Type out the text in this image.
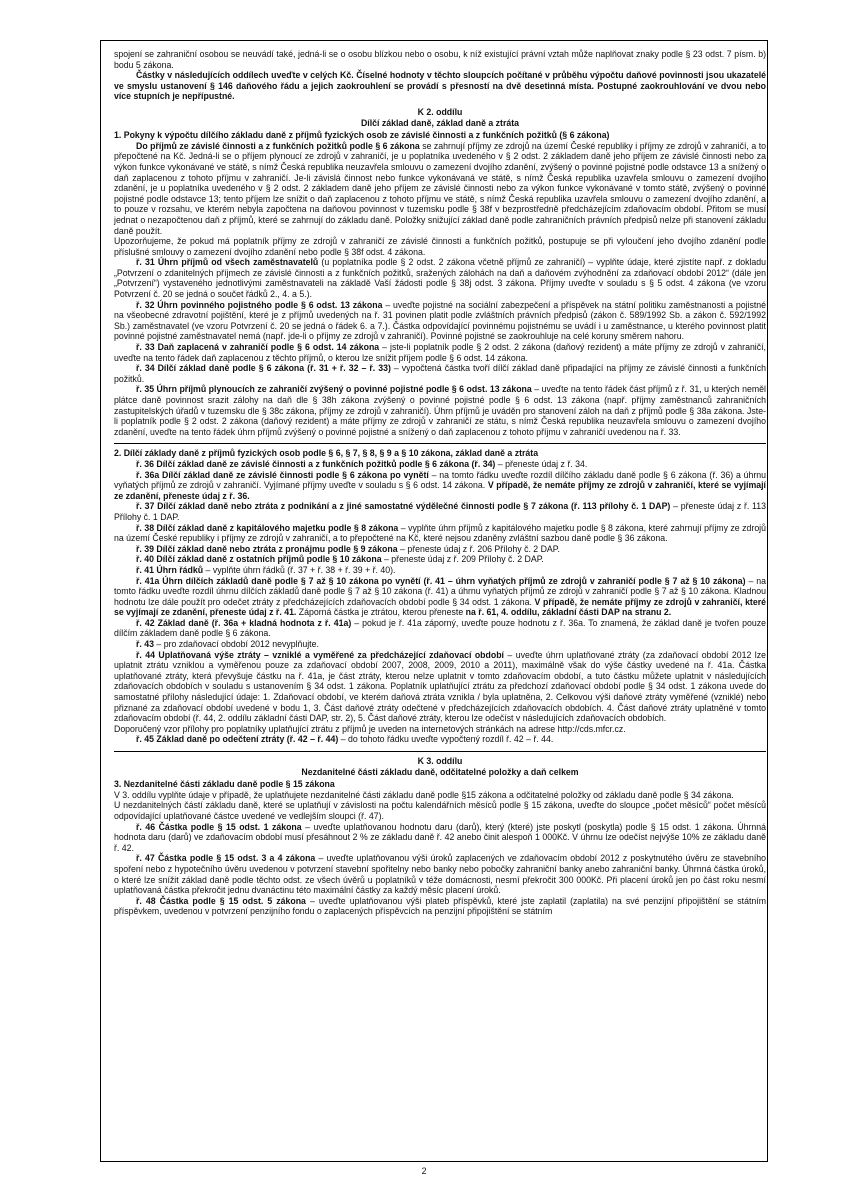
spojení se zahraniční osobou se neuvádí také, jedná-li se o osobu blízkou nebo o osobu, k níž existující právní vztah může naplňovat znaky podle § 23 odst. 7 písm. b) bodu 5 zákona.

Částky v následujících oddílech uveďte v celých Kč. Číselné hodnoty v těchto sloupcích počítané v průběhu výpočtu daňové povinnosti jsou ukazatelé ve smyslu ustanovení § 146 daňového řádu a jejich zaokrouhlení se provádí s přesností na dvě desetinná místa. Postupné zaokrouhlování ve dvou nebo více stupních je nepřípustné.

K 2. oddílu
Dílčí základ daně, základ daně a ztráta

1. Pokyny k výpočtu dílčího základu daně z příjmů fyzických osob ze závislé činnosti a z funkčních požitků (§ 6 zákona)

Do příjmů ze závislé činnosti a z funkčních požitků podle § 6 zákona se zahrnují příjmy ze zdrojů na území České republiky i příjmy ze zdrojů v zahraničí, a to přepočtené na Kč. Jedná-li se o příjem plynoucí ze zdrojů v zahraničí, je u poplatníka uvedeného v § 2 odst. 2 základem daně jeho příjem ze závislé činnosti nebo za výkon funkce vykonávané ve státě, s nímž Česká republika neuzavřela smlouvu o zamezení dvojího zdanění, zvýšený o povinné pojistné podle odstavce 13 a snížený o daň zaplacenou z tohoto příjmu v zahraničí. Je-li závislá činnost nebo funkce vykonávaná ve státě, s nímž Česká republika uzavřela smlouvu o zamezení dvojího zdanění, je u poplatníka uvedeného v § 2 odst. 2 základem daně jeho příjem ze závislé činnosti nebo za výkon funkce vykonávané v tomto státě, zvýšený o povinné pojistné podle odstavce 13; tento příjem lze snížit o daň zaplacenou z tohoto příjmu ve státě, s nímž Česká republika uzavřela smlouvu o zamezení dvojího zdanění, a to pouze v rozsahu, ve kterém nebyla započtena na daňovou povinnost v tuzemsku podle § 38f v bezprostředně předcházejícím zdaňovacím období. Přitom se musí jednat o nezapočtenou daň z příjmů, které se zahrnují do základu daně. Položky snižující základ daně podle zahraničních právních předpisů nelze při stanovení základu daně použít.

Upozorňujeme, že pokud má poplatník příjmy ze zdrojů v zahraničí ze závislé činnosti a funkčních požitků, postupuje se při vyloučení jeho dvojího zdanění podle příslušné smlouvy o zamezení dvojího zdanění nebo podle § 38f odst. 4 zákona.

ř. 31 Úhrn příjmů od všech zaměstnavatelů (u poplatníka podle § 2 odst. 2 zákona včetně příjmů ze zahraničí) – vyplňte údaje, které zjistíte např. z dokladu „Potvrzení o zdanitelných příjmech ze závislé činnosti a z funkčních požitků, sražených zálohách na daň a daňovém zvýhodnění za zdaňovací období 2012“ (dále jen „Potvrzení“) vystaveného jednotlivými zaměstnavateli na základě Vaší žádosti podle § 38j odst. 3 zákona. Příjmy uveďte v souladu s § 5 odst. 4 zákona (ve vzoru Potvrzení č. 20 se jedná o součet řádků 2., 4. a 5.).

ř. 32 Úhrn povinného pojistného podle § 6 odst. 13 zákona – uveďte pojistné na sociální zabezpečení a příspěvek na státní politiku zaměstnanosti a pojistné na všeobecné zdravotní pojištění, které je z příjmů uvedených na ř. 31 povinen platit podle zvláštních právních předpisů (zákon č. 589/1992 Sb. a zákon č. 592/1992 Sb.) zaměstnavatel (ve vzoru Potvrzení č. 20 se jedná o řádek 6. a 7.). Částka odpovídající povinnému pojistnému se uvádí i u zaměstnance, u kterého povinnost platit povinné pojistné zaměstnavatel nemá (např. jde-li o příjmy ze zdrojů v zahraničí). Povinné pojistné se zaokrouhluje na celé koruny směrem nahoru.

ř. 33 Daň zaplacená v zahraničí podle § 6 odst. 14 zákona – jste-li poplatník podle § 2 odst. 2 zákona (daňový rezident) a máte příjmy ze zdrojů v zahraničí, uveďte na tento řádek daň zaplacenou z těchto příjmů, o kterou lze snížit příjem podle § 6 odst. 14 zákona.

ř. 34 Dílčí základ daně podle § 6 zákona (ř. 31 + ř. 32 – ř. 33) – vypočtená částka tvoří dílčí základ daně připadající na příjmy ze závislé činnosti a funkčních požitků.

ř. 35 Úhrn příjmů plynoucích ze zahraničí zvýšený o povinné pojistné podle § 6 odst. 13 zákona – uveďte na tento řádek část příjmů z ř. 31, u kterých neměl plátce daně povinnost srazit zálohy na daň dle § 38h zákona zvýšený o povinné pojistné podle § 6 odst. 13 zákona (např. příjmy zaměstnanců zahraničních zastupitelských úřadů v tuzemsku dle § 38c zákona, příjmy ze zdrojů v zahraničí). Úhrn příjmů je uváděn pro stanovení záloh na daň z příjmů podle § 38a zákona. Jste-li poplatník podle § 2 odst. 2 zákona (daňový rezident) a máte příjmy ze zdrojů v zahraničí ze státu, s nímž Česká republika neuzavřela smlouvu o zamezení dvojího zdanění, uveďte na tento řádek úhrn příjmů zvýšený o povinné pojistné a snížený o daň zaplacenou z tohoto příjmu v zahraničí uvedenou na ř. 33.

2. Dílčí základy daně z příjmů fyzických osob podle § 6, § 7, § 8, § 9 a § 10 zákona, základ daně a ztráta

ř. 36 Dílčí základ daně ze závislé činnosti a z funkčních požitků podle § 6 zákona (ř. 34) – přeneste údaj z ř. 34.

ř. 36a Dílčí základ daně ze závislé činnosti podle § 6 zákona po vynětí – na tomto řádku uveďte rozdíl dílčího základu daně podle § 6 zákona (ř. 36) a úhrnu vyňatých příjmů ze zdrojů v zahraničí. Vyjímané příjmy uveďte v souladu s § 6 odst. 14 zákona. V případě, že nemáte příjmy ze zdrojů v zahraničí, které se vyjímají ze zdanění, přeneste údaj z ř. 36.

ř. 37 Dílčí základ daně nebo ztráta z podnikání a z jiné samostatné výdělečné činnosti podle § 7 zákona (ř. 113 přílohy č. 1 DAP) – přeneste údaj z ř. 113 Přílohy č. 1 DAP.

ř. 38 Dílčí základ daně z kapitálového majetku podle § 8 zákona – vyplňte úhrn příjmů z kapitálového majetku podle § 8 zákona, které zahrnují příjmy ze zdrojů na území České republiky i příjmy ze zdrojů v zahraničí, a to přepočtené na Kč, které nejsou zdaněny zvláštní sazbou daně podle § 36 zákona.

ř. 39 Dílčí základ daně nebo ztráta z pronájmu podle § 9 zákona – přeneste údaj z ř. 206 Přílohy č. 2 DAP.

ř. 40 Dílčí základ daně z ostatních příjmů podle § 10 zákona – přeneste údaj z ř. 209 Přílohy č. 2 DAP.

ř. 41 Úhrn řádků – vyplňte úhrn řádků (ř. 37 + ř. 38 + ř. 39 + ř. 40).

ř. 41a Úhrn dílčích základů daně podle § 7 až § 10 zákona po vynětí (ř. 41 – úhrn vyňatých příjmů ze zdrojů v zahraničí podle § 7 až § 10 zákona) – na tomto řádku uveďte rozdíl úhrnu dílčích základů daně podle § 7 až § 10 zákona (ř. 41) a úhrnu vyňatých příjmů ze zdrojů v zahraničí podle § 7 až § 10 zákona. Kladnou hodnotu lze dále použít pro odečet ztráty z předcházejících zdaňovacích období podle § 34 odst. 1 zákona. V případě, že nemáte příjmy ze zdrojů v zahraničí, které se vyjímají ze zdanění, přeneste údaj z ř. 41. Záporná částka je ztrátou, kterou přeneste na ř. 61, 4. oddílu, základní části DAP na stranu 2.

ř. 42 Základ daně (ř. 36a + kladná hodnota z ř. 41a) – pokud je ř. 41a záporný, uveďte pouze hodnotu z ř. 36a. To znamená, že základ daně je tvořen pouze dílčím základem daně podle § 6 zákona.

ř. 43 – pro zdaňovací období 2012 nevyplňujte.

ř. 44 Uplatňovaná výše ztráty – vzniklé a vyměřené za předcházející zdaňovací období – uveďte úhrn uplatňované ztráty (za zdaňovací období 2012 lze uplatnit ztrátu vzniklou a vyměřenou pouze za zdaňovací období 2007, 2008, 2009, 2010 a 2011), maximálně však do výše částky uvedené na ř. 41a. Částka uplatňované ztráty, která převyšuje částku na ř. 41a, je část ztráty, kterou nelze uplatnit v tomto zdaňovacím období, a tuto částku můžete uplatnit v následujících zdaňovacích obdobích v souladu s ustanovením § 34 odst. 1 zákona. Poplatník uplatňující ztrátu za předchozí zdaňovací období podle § 34 odst. 1 zákona uvede do samostatné přílohy následující údaje: 1. Zdaňovací období, ve kterém daňová ztráta vznikla / byla uplatněna, 2. Celkovou výši daňové ztráty vyměřené (vzniklé) nebo přiznané za zdaňovací období uvedené v bodu 1, 3. Část daňové ztráty odečtené v předcházejících zdaňovacích obdobích. 4. Část daňové ztráty uplatněné v tomto zdaňovacím období (ř. 44, 2. oddílu základní části DAP, str. 2), 5. Část daňové ztráty, kterou lze odečíst v následujících zdaňovacích obdobích.

Doporučený vzor přílohy pro poplatníky uplatňující ztrátu z příjmů je uveden na internetových stránkách na adrese http://cds.mfcr.cz.

ř. 45 Základ daně po odečtení ztráty (ř. 42 – ř. 44) – do tohoto řádku uveďte vypočtený rozdíl ř. 42 – ř. 44.

K 3. oddílu
Nezdanitelné části základu daně, odčitatelné položky a daň celkem

3. Nezdanitelné části základu daně podle § 15 zákona

V 3. oddílu vyplňte údaje v případě, že uplatňujete nezdanitelné části základu daně podle §15 zákona a odčitatelné položky od základu daně podle § 34 zákona.

U nezdanitelných částí základu daně, které se uplatňují v závislosti na počtu kalendářních měsíců podle § 15 zákona, uveďte do sloupce „počet měsíců“ počet měsíců odpovídající uplatňované částce uvedené ve vedlejším sloupci (ř. 47).

ř. 46 Částka podle § 15 odst. 1 zákona – uveďte uplatňovanou hodnotu daru (darů), který (které) jste poskytl (poskytla) podle § 15 odst. 1 zákona. Úhrnná hodnota daru (darů) ve zdaňovacím období musí přesáhnout 2 % ze základu daně ř. 42 anebo činit alespoň 1 000Kč. V úhrnu lze odečíst nejvýše 10% ze základu daně ř. 42.

ř. 47 Částka podle § 15 odst. 3 a 4 zákona – uveďte uplatňovanou výši úroků zaplacených ve zdaňovacím období 2012 z poskytnutého úvěru ze stavebního spoření nebo z hypotečního úvěru uvedenou v potvrzení stavební spořitelny nebo banky nebo pobočky zahraniční banky anebo zahraniční banky. Úhrnná částka úroků, o které lze snížit základ daně podle těchto odst. ze všech úvěrů u poplatníků v téže domácnosti, nesmí překročit 300 000Kč. Při placení úroků jen po část roku nesmí uplatňovaná částka překročit jednu dvanáctinu této maximální částky za každý měsíc placení úroků.

ř. 48 Částka podle § 15 odst. 5 zákona – uveďte uplatňovanou výši plateb příspěvků, které jste zaplatil (zaplatila) na své penzijní připojištění se státním příspěvkem, uvedenou v potvrzení penzijního fondu o zaplacených příspěvcích na penzijní připojištění se státním

2
